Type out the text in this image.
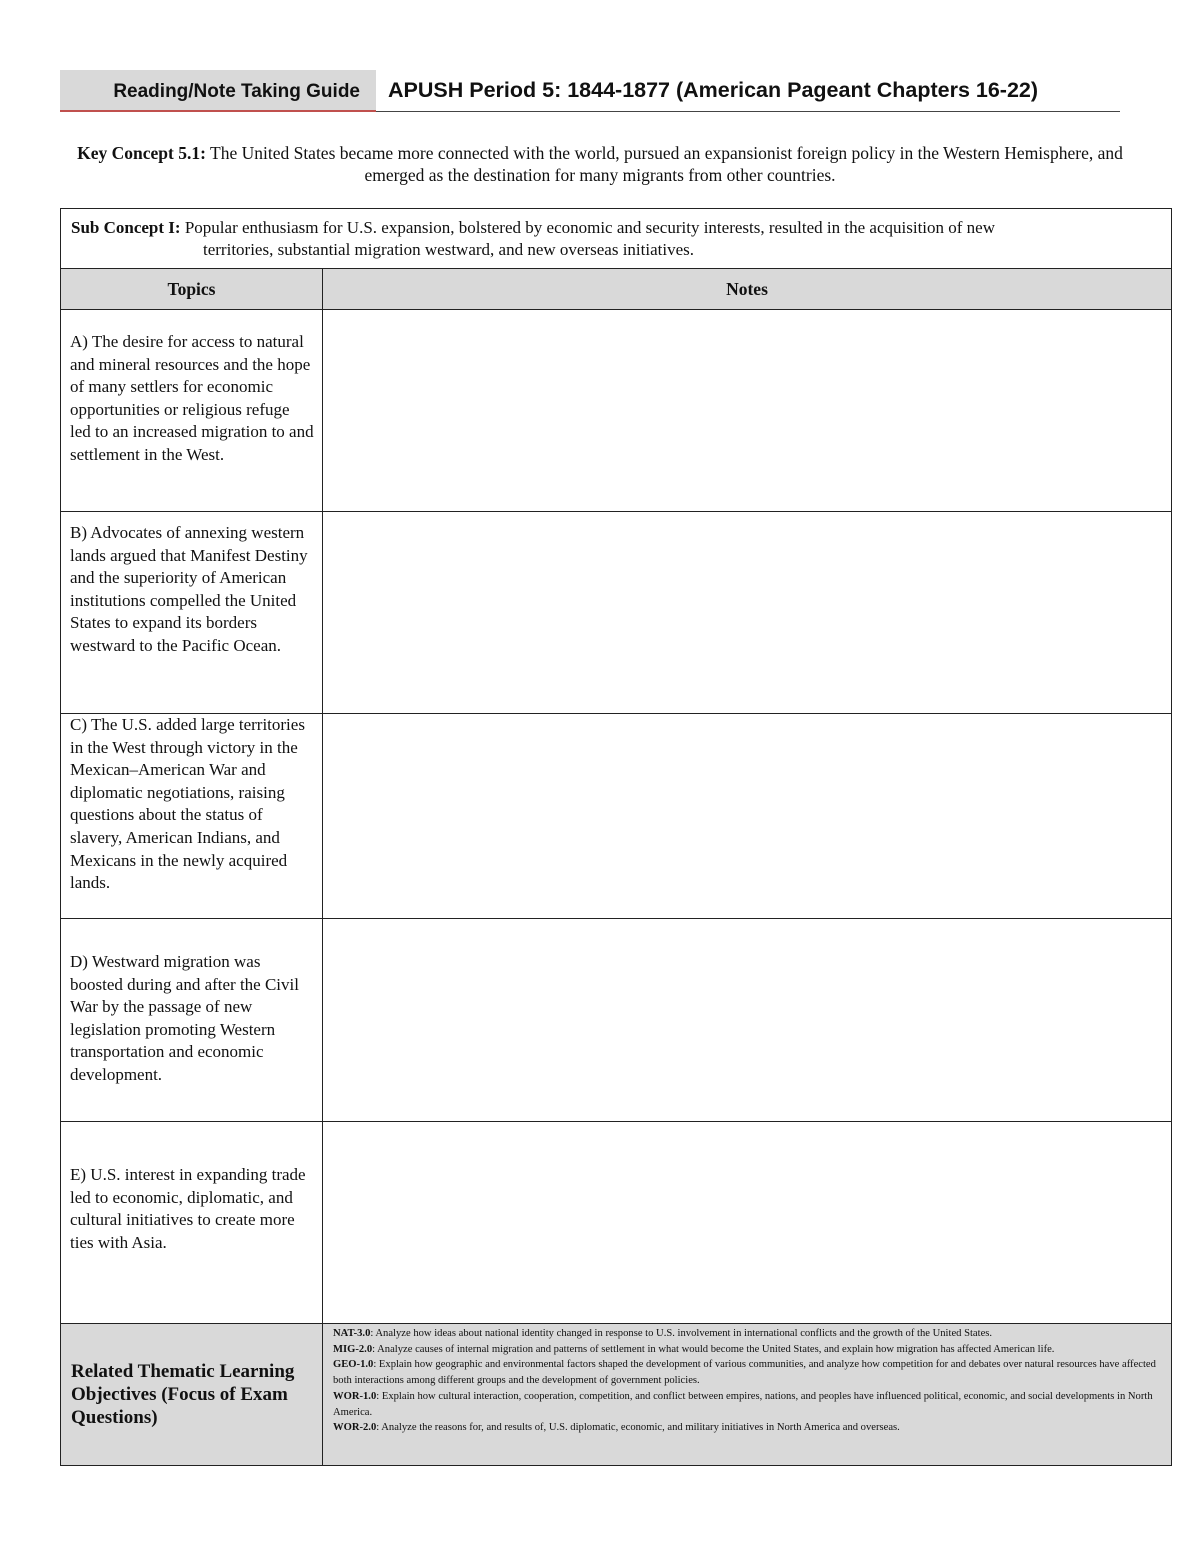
Reading/Note Taking Guide APUSH Period 5: 1844-1877 (American Pageant Chapters 16-22)
Key Concept 5.1: The United States became more connected with the world, pursued an expansionist foreign policy in the Western Hemisphere, and emerged as the destination for many migrants from other countries.
Sub Concept I: Popular enthusiasm for U.S. expansion, bolstered by economic and security interests, resulted in the acquisition of new
territories, substantial migration westward, and new overseas initiatives.	

Topics	Notes

A) The desire for access to natural and mineral resources and the hope of many settlers for economic opportunities or religious refuge led to an increased migration to and settlement in the West.	

B) Advocates of annexing western lands argued that Manifest Destiny and the superiority of American institutions compelled the United States to expand its borders westward to the Pacific Ocean.	

C) The U.S. added large territories in the West through victory in the Mexican–American War and diplomatic negotiations, raising questions about the status of slavery, American Indians, and Mexicans in the newly acquired lands.	

D) Westward migration was boosted during and after the Civil War by the passage of new legislation promoting Western transportation and economic development.	

E) U.S. interest in expanding trade led to economic, diplomatic, and cultural initiatives to create more ties with Asia.	

Related Thematic Learning Objectives (Focus of Exam Questions)	NAT-3.0: Analyze how ideas about national identity changed in response to U.S. involvement in international conflicts and the growth of the United States.
MIG-2.0: Analyze causes of internal migration and patterns of settlement in what would become the United States, and explain how migration has affected American life.
GEO-1.0: Explain how geographic and environmental factors shaped the development of various communities, and analyze how competition for and debates over natural resources have affected both interactions among different groups and the development of government policies.
WOR-1.0: Explain how cultural interaction, cooperation, competition, and conflict between empires, nations, and peoples have influenced political, economic, and social developments in North America.
WOR-2.0: Analyze the reasons for, and results of, U.S. diplomatic, economic, and military initiatives in North America and overseas.
